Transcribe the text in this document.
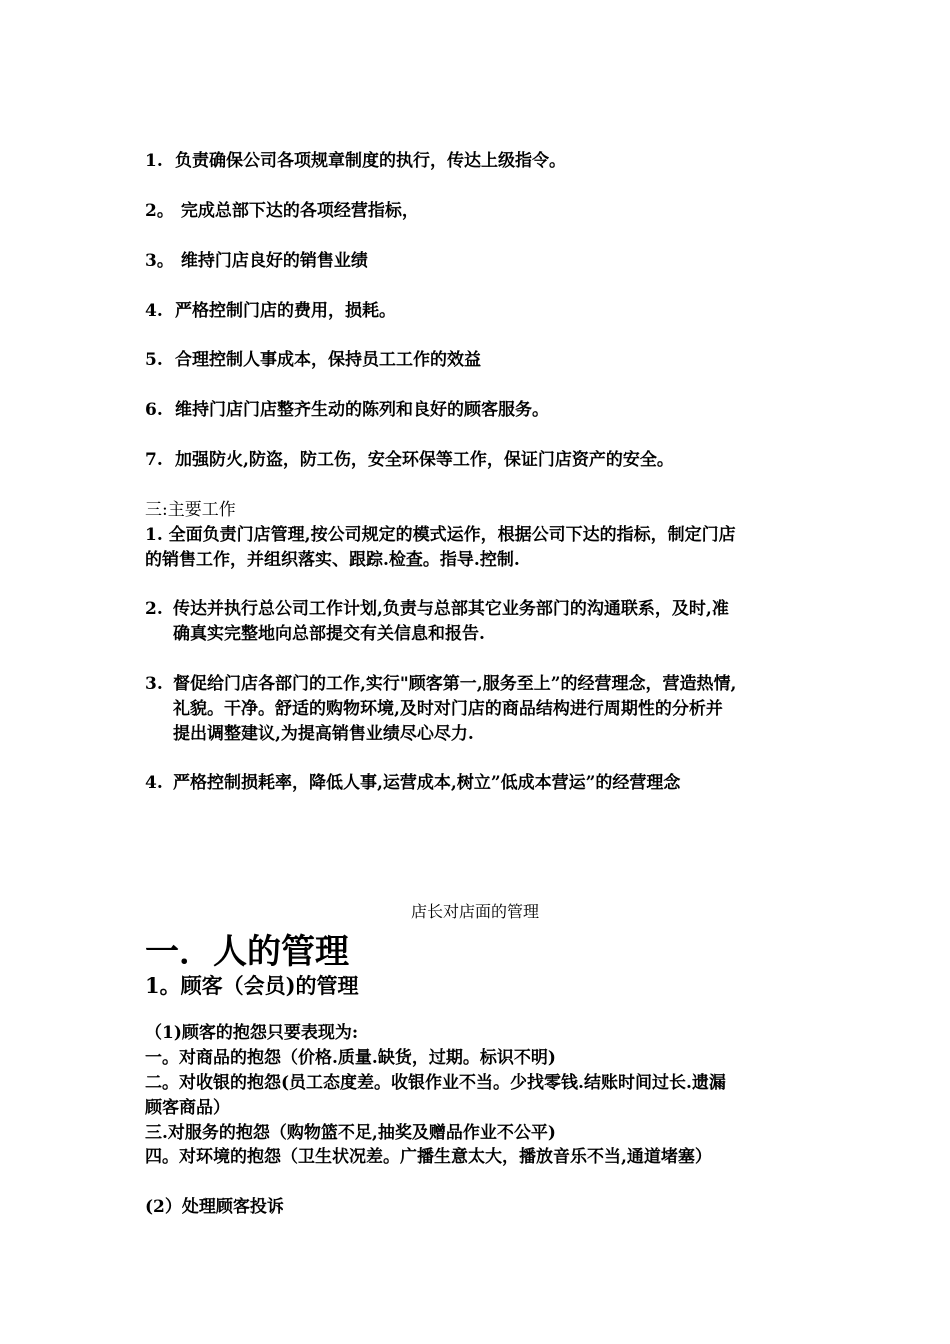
1. 负责确保公司各项规章制度的执行，传达上级指令。
2。 完成总部下达的各项经营指标，
3。 维持门店良好的销售业绩
4. 严格控制门店的费用，损耗。
5. 合理控制人事成本，保持员工工作的效益
6. 维持门店门店整齐生动的陈列和良好的顾客服务。
7. 加强防火,防盗，防工伤，安全环保等工作，保证门店资产的安全。
三:主要工作
1. 全面负责门店管理,按公司规定的模式运作，根据公司下达的指标，制定门店
的销售工作，并组织落实、跟踪.检查。指导.控制.
2. 传达并执行总公司工作计划,负责与总部其它业务部门的沟通联系，及时,准
确真实完整地向总部提交有关信息和报告.
3. 督促给门店各部门的工作,实行"顾客第一,服务至上”的经营理念，营造热情,
礼貌。干净。舒适的购物环境,及时对门店的商品结构进行周期性的分析并
提出调整建议,为提高销售业绩尽心尽力.
4. 严格控制损耗率，降低人事,运营成本,树立”低成本营运”的经营理念
店长对店面的管理
一．人的管理
1。顾客（会员)的管理
（1)顾客的抱怨只要表现为:
一。对商品的抱怨（价格.质量.缺货，过期。标识不明)
二。对收银的抱怨(员工态度差。收银作业不当。少找零钱.结账时间过长.遗漏
顾客商品）
三.对服务的抱怨（购物篮不足,抽奖及赠品作业不公平)
四。对环境的抱怨（卫生状况差。广播生意太大，播放音乐不当,通道堵塞）
(2）处理顾客投诉
